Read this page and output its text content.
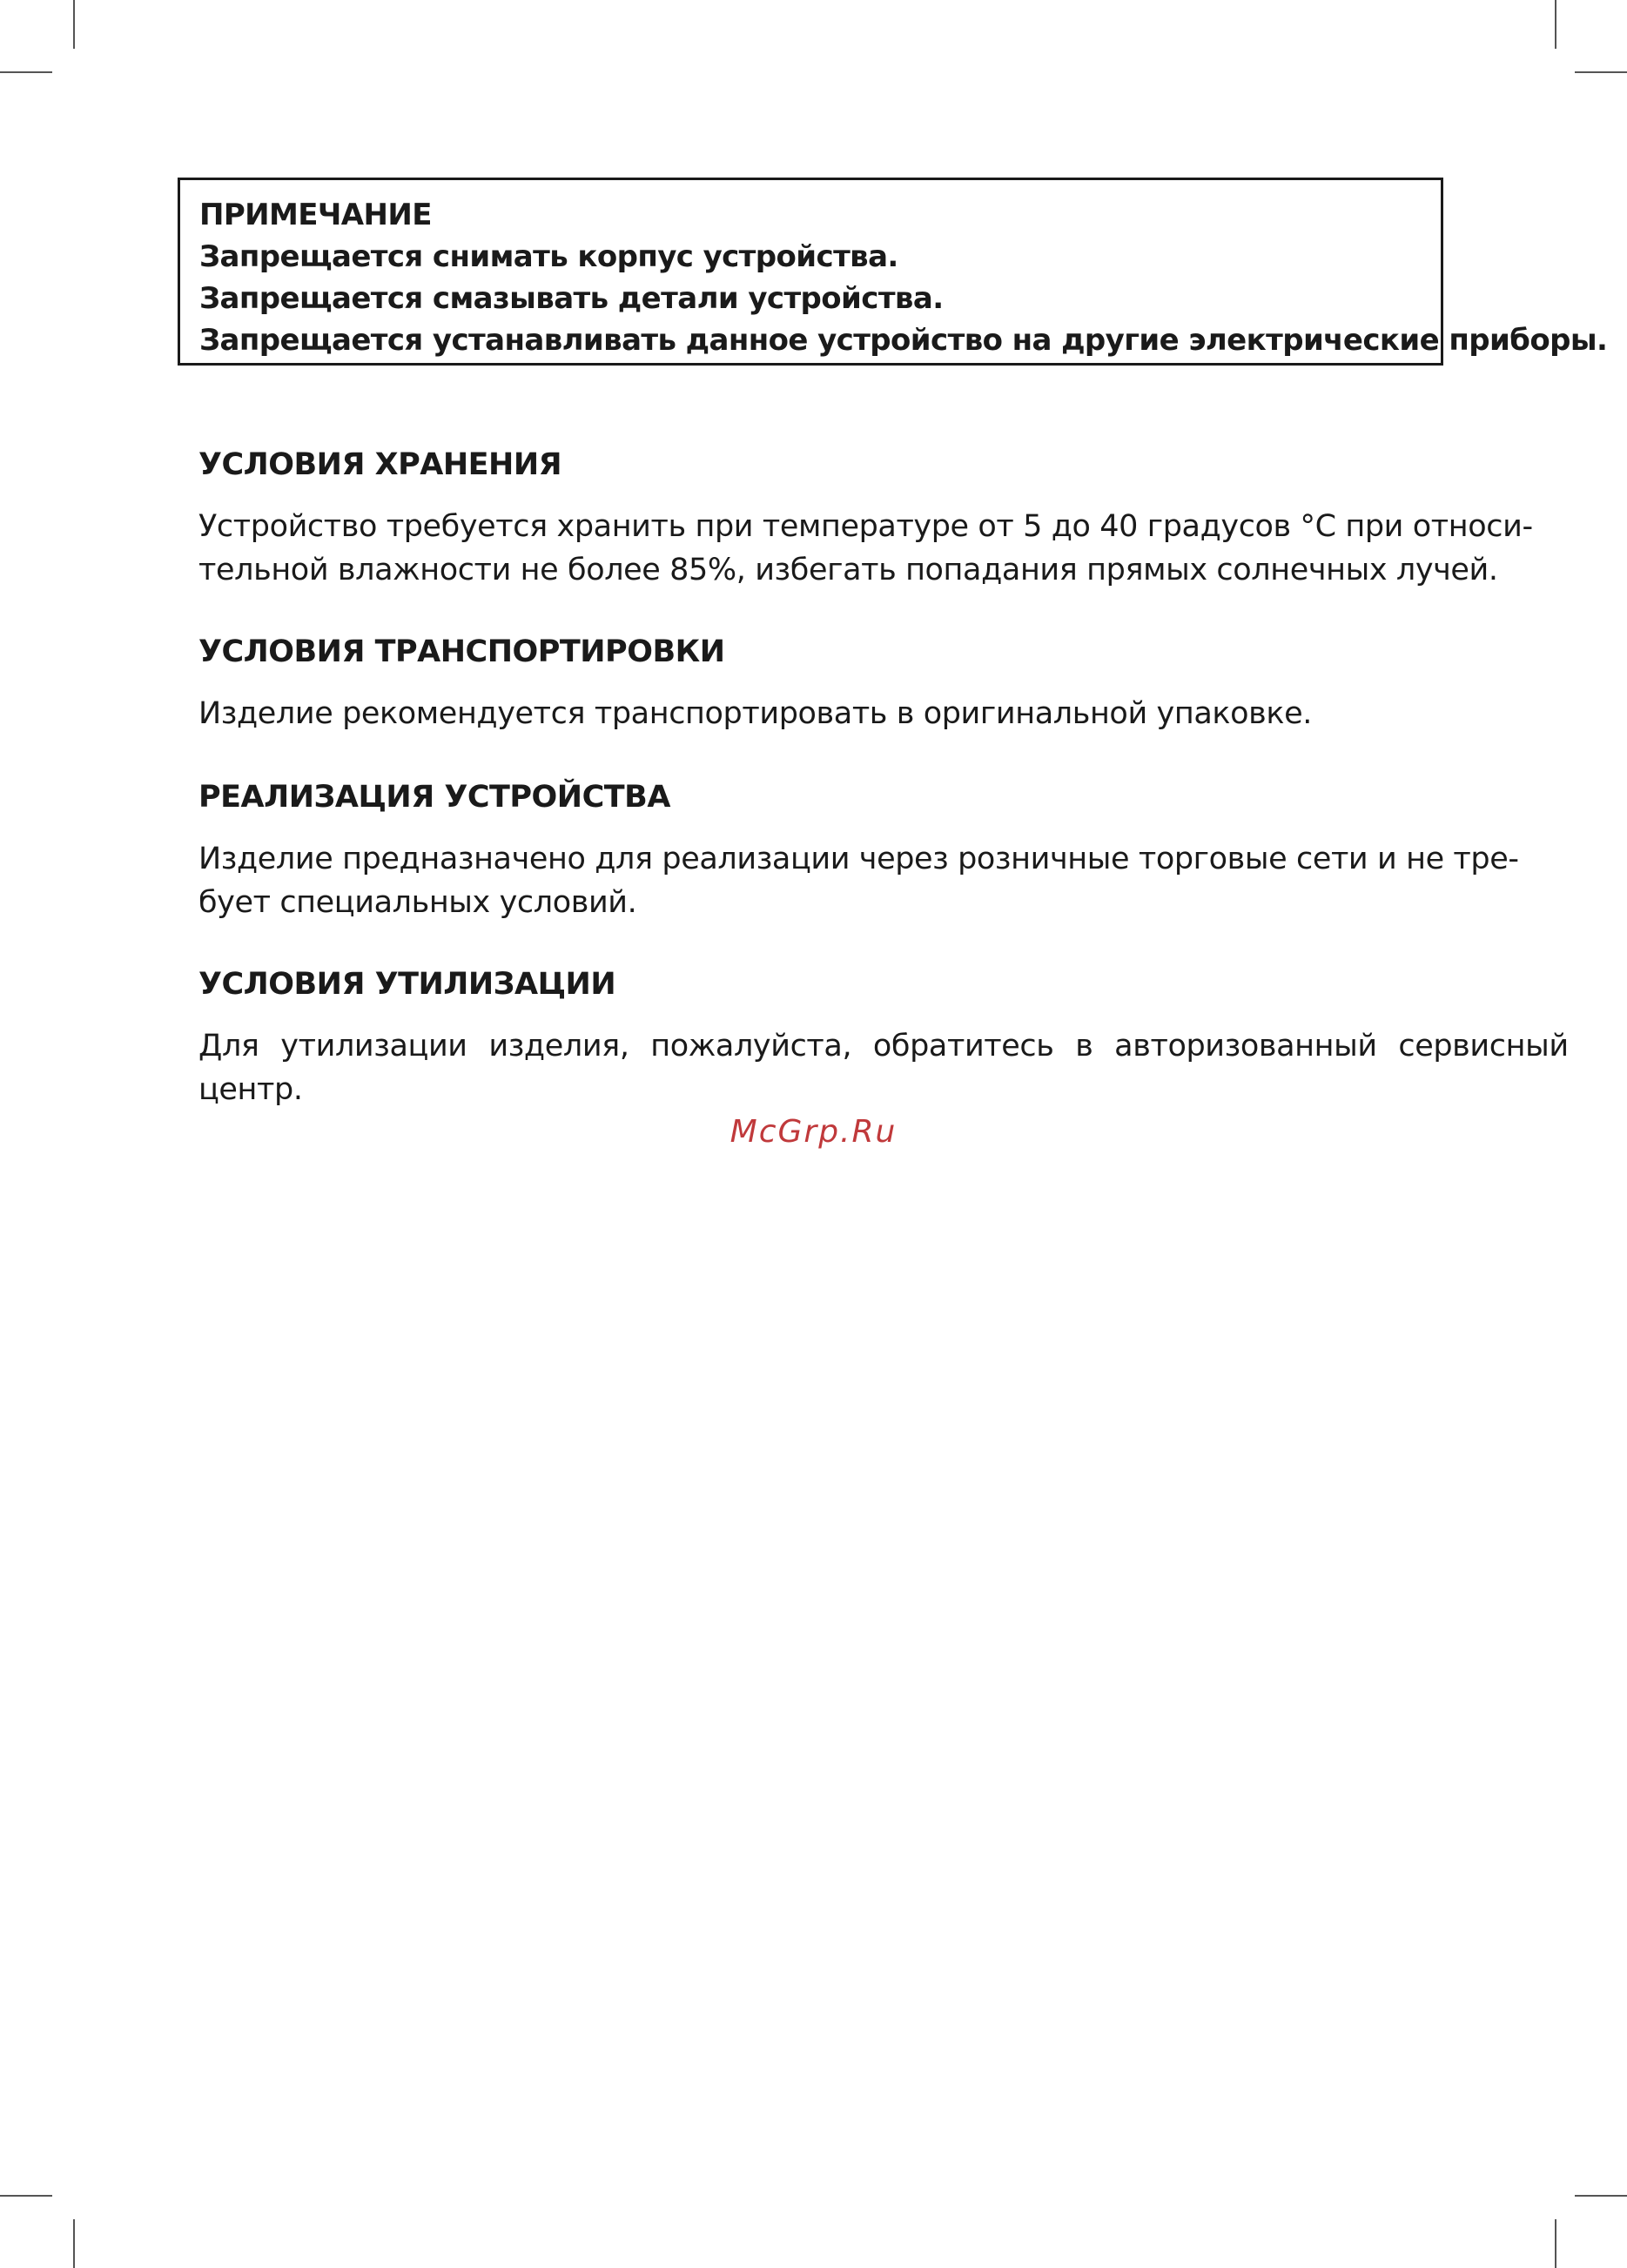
ПРИМЕЧАНИЕ
Запрещается снимать корпус устройства.
Запрещается смазывать детали устройства.
Запрещается устанавливать данное устройство на другие электрические приборы.
УСЛОВИЯ ХРАНЕНИЯ

Устройство требуется хранить при температуре от 5 до 40 градусов °С при относи-
тельной влажности не более 85%, избегать попадания прямых солнечных лучей.

УСЛОВИЯ ТРАНСПОРТИРОВКИ

Изделие рекомендуется транспортировать в оригинальной упаковке.

РЕАЛИЗАЦИЯ УСТРОЙСТВА

Изделие предназначено для реализации через розничные торговые сети и не тре-
бует специальных условий.

УСЛОВИЯ УТИЛИЗАЦИИ

Для утилизации изделия, пожалуйста, обратитесь в авторизованный сервисный
центр.

McGrp.Ru
